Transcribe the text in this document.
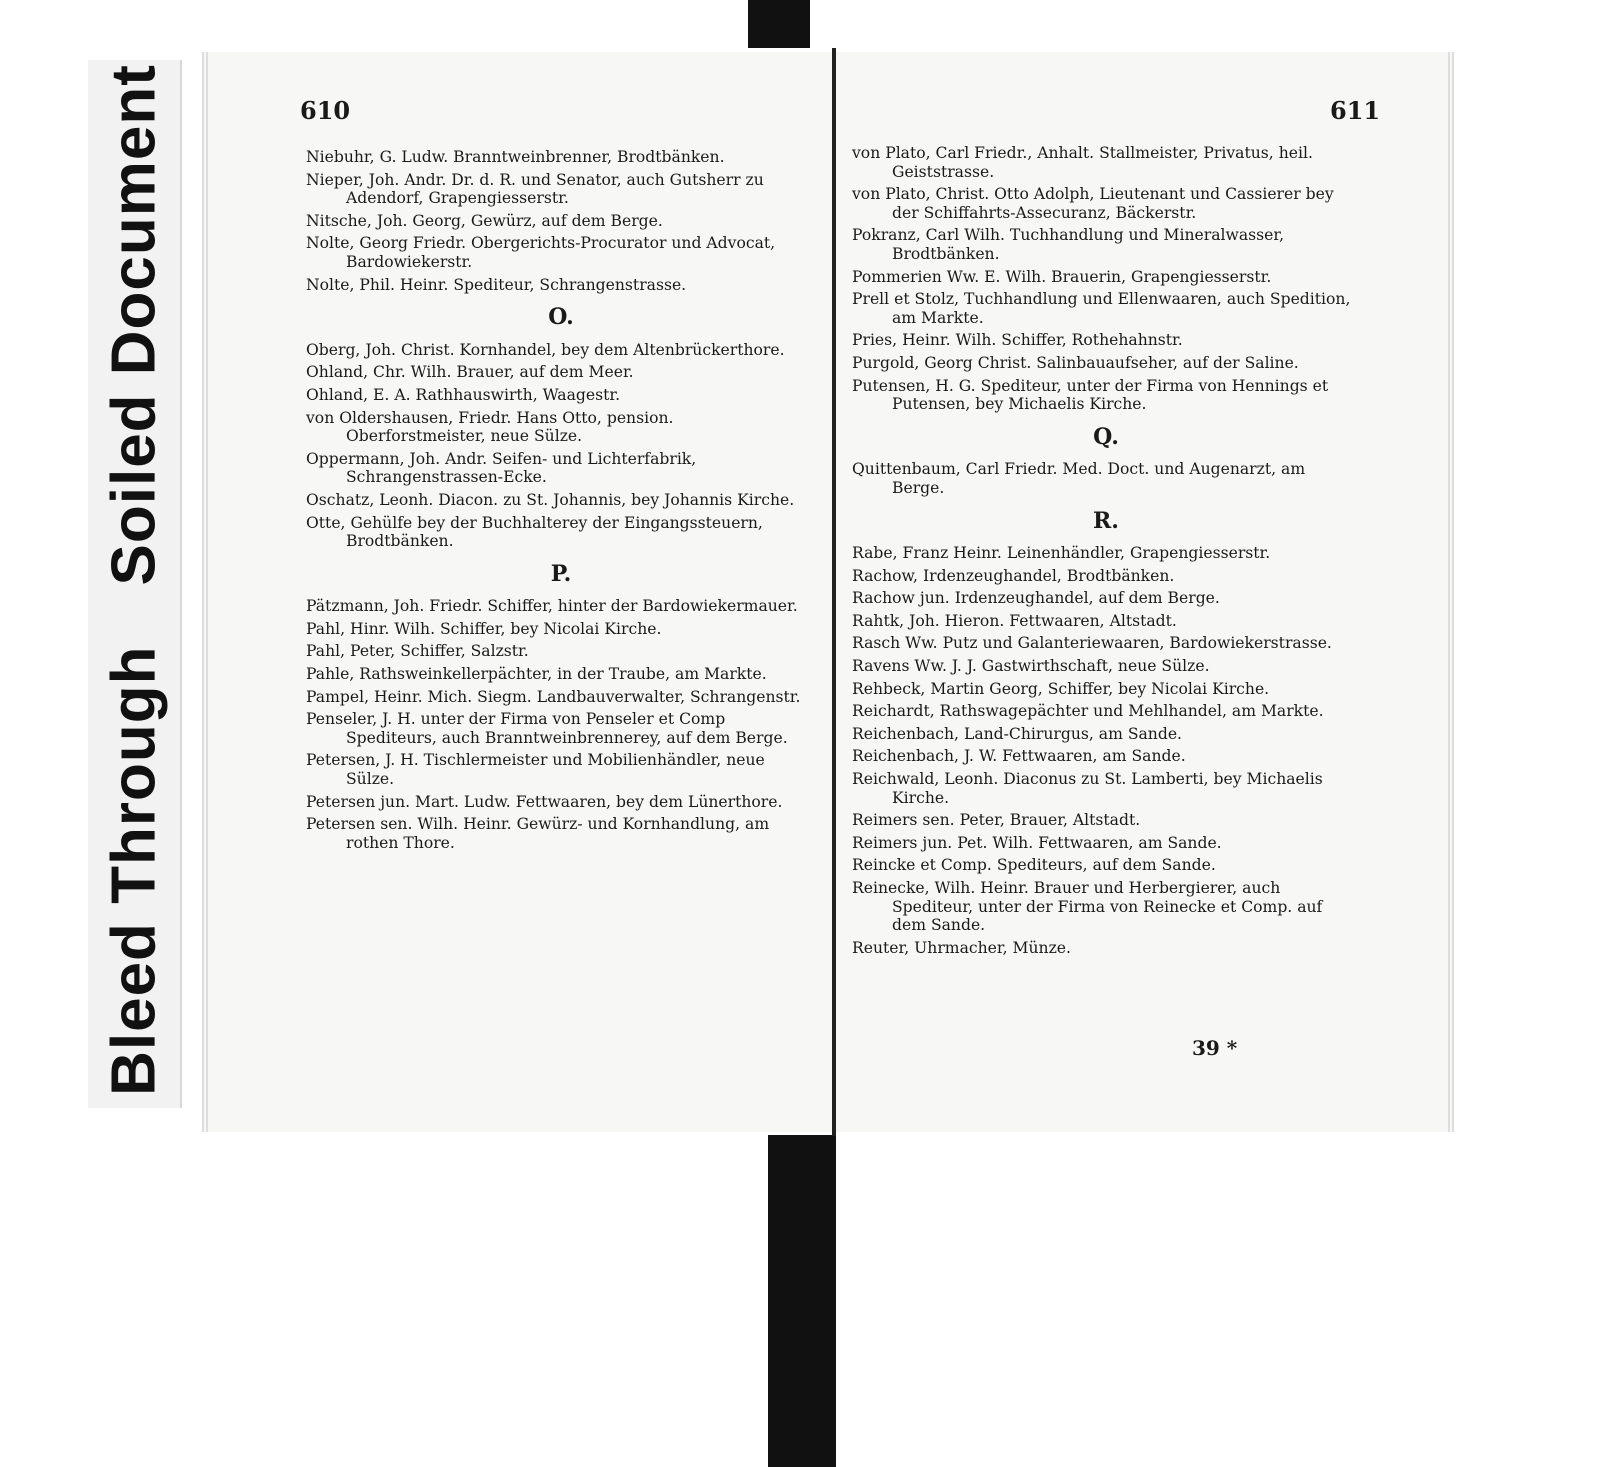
Bleed ThroughSoiled Document	610	611
Niebuhr, G. Ludw. Branntweinbrenner, Brodtbänken.
Nieper, Joh. Andr. Dr. d. R. und Senator, auch Gutsherr zu Adendorf, Grapengiesserstr.
Nitsche, Joh. Georg, Gewürz, auf dem Berge.
Nolte, Georg Friedr. Obergerichts-Procurator und Advocat, Bardowiekerstr.
Nolte, Phil. Heinr. Spediteur, Schrangenstrasse.
O.
Oberg, Joh. Christ. Kornhandel, bey dem Altenbrückerthore.
Ohland, Chr. Wilh. Brauer, auf dem Meer.
Ohland, E. A. Rathhauswirth, Waagestr.
von Oldershausen, Friedr. Hans Otto, pension. Oberforstmeister, neue Sülze.
Oppermann, Joh. Andr. Seifen- und Lichterfabrik, Schrangenstrassen-Ecke.
Oschatz, Leonh. Diacon. zu St. Johannis, bey Johannis Kirche.
Otte, Gehülfe bey der Buchhalterey der Eingangssteuern, Brodtbänken.
P.
Pätzmann, Joh. Friedr. Schiffer, hinter der Bardowiekermauer.
Pahl, Hinr. Wilh. Schiffer, bey Nicolai Kirche.
Pahl, Peter, Schiffer, Salzstr.
Pahle, Rathsweinkellerpächter, in der Traube, am Markte.
Pampel, Heinr. Mich. Siegm. Landbauverwalter, Schrangenstr.
Penseler, J. H. unter der Firma von Penseler et Comp Spediteurs, auch Branntweinbrennerey, auf dem Berge.
Petersen, J. H. Tischlermeister und Mobilienhändler, neue Sülze.
Petersen jun. Mart. Ludw. Fettwaaren, bey dem Lünerthore.
Petersen sen. Wilh. Heinr. Gewürz- und Kornhandlung, am rothen Thore.
von Plato, Carl Friedr., Anhalt. Stallmeister, Privatus, heil. Geiststrasse.
von Plato, Christ. Otto Adolph, Lieutenant und Cassierer bey der Schiffahrts-Assecuranz, Bäckerstr.
Pokranz, Carl Wilh. Tuchhandlung und Mineralwasser, Brodtbänken.
Pommerien Ww. E. Wilh. Brauerin, Grapengiesserstr.
Prell et Stolz, Tuchhandlung und Ellenwaaren, auch Spedition, am Markte.
Pries, Heinr. Wilh. Schiffer, Rothehahnstr.
Purgold, Georg Christ. Salinbauaufseher, auf der Saline.
Putensen, H. G. Spediteur, unter der Firma von Hennings et Putensen, bey Michaelis Kirche.
Q.
Quittenbaum, Carl Friedr. Med. Doct. und Augenarzt, am Berge.
R.
Rabe, Franz Heinr. Leinenhändler, Grapengiesserstr.
Rachow, Irdenzeughandel, Brodtbänken.
Rachow jun. Irdenzeughandel, auf dem Berge.
Rahtk, Joh. Hieron. Fettwaaren, Altstadt.
Rasch Ww. Putz und Galanteriewaaren, Bardowiekerstrasse.
Ravens Ww. J. J. Gastwirthschaft, neue Sülze.
Rehbeck, Martin Georg, Schiffer, bey Nicolai Kirche.
Reichardt, Rathswagepächter und Mehlhandel, am Markte.
Reichenbach, Land-Chirurgus, am Sande.
Reichenbach, J. W. Fettwaaren, am Sande.
Reichwald, Leonh. Diaconus zu St. Lamberti, bey Michaelis Kirche.
Reimers sen. Peter, Brauer, Altstadt.
Reimers jun. Pet. Wilh. Fettwaaren, am Sande.
Reincke et Comp. Spediteurs, auf dem Sande.
Reinecke, Wilh. Heinr. Brauer und Herbergierer, auch Spediteur, unter der Firma von Reinecke et Comp. auf dem Sande.
Reuter, Uhrmacher, Münze.
39 *
